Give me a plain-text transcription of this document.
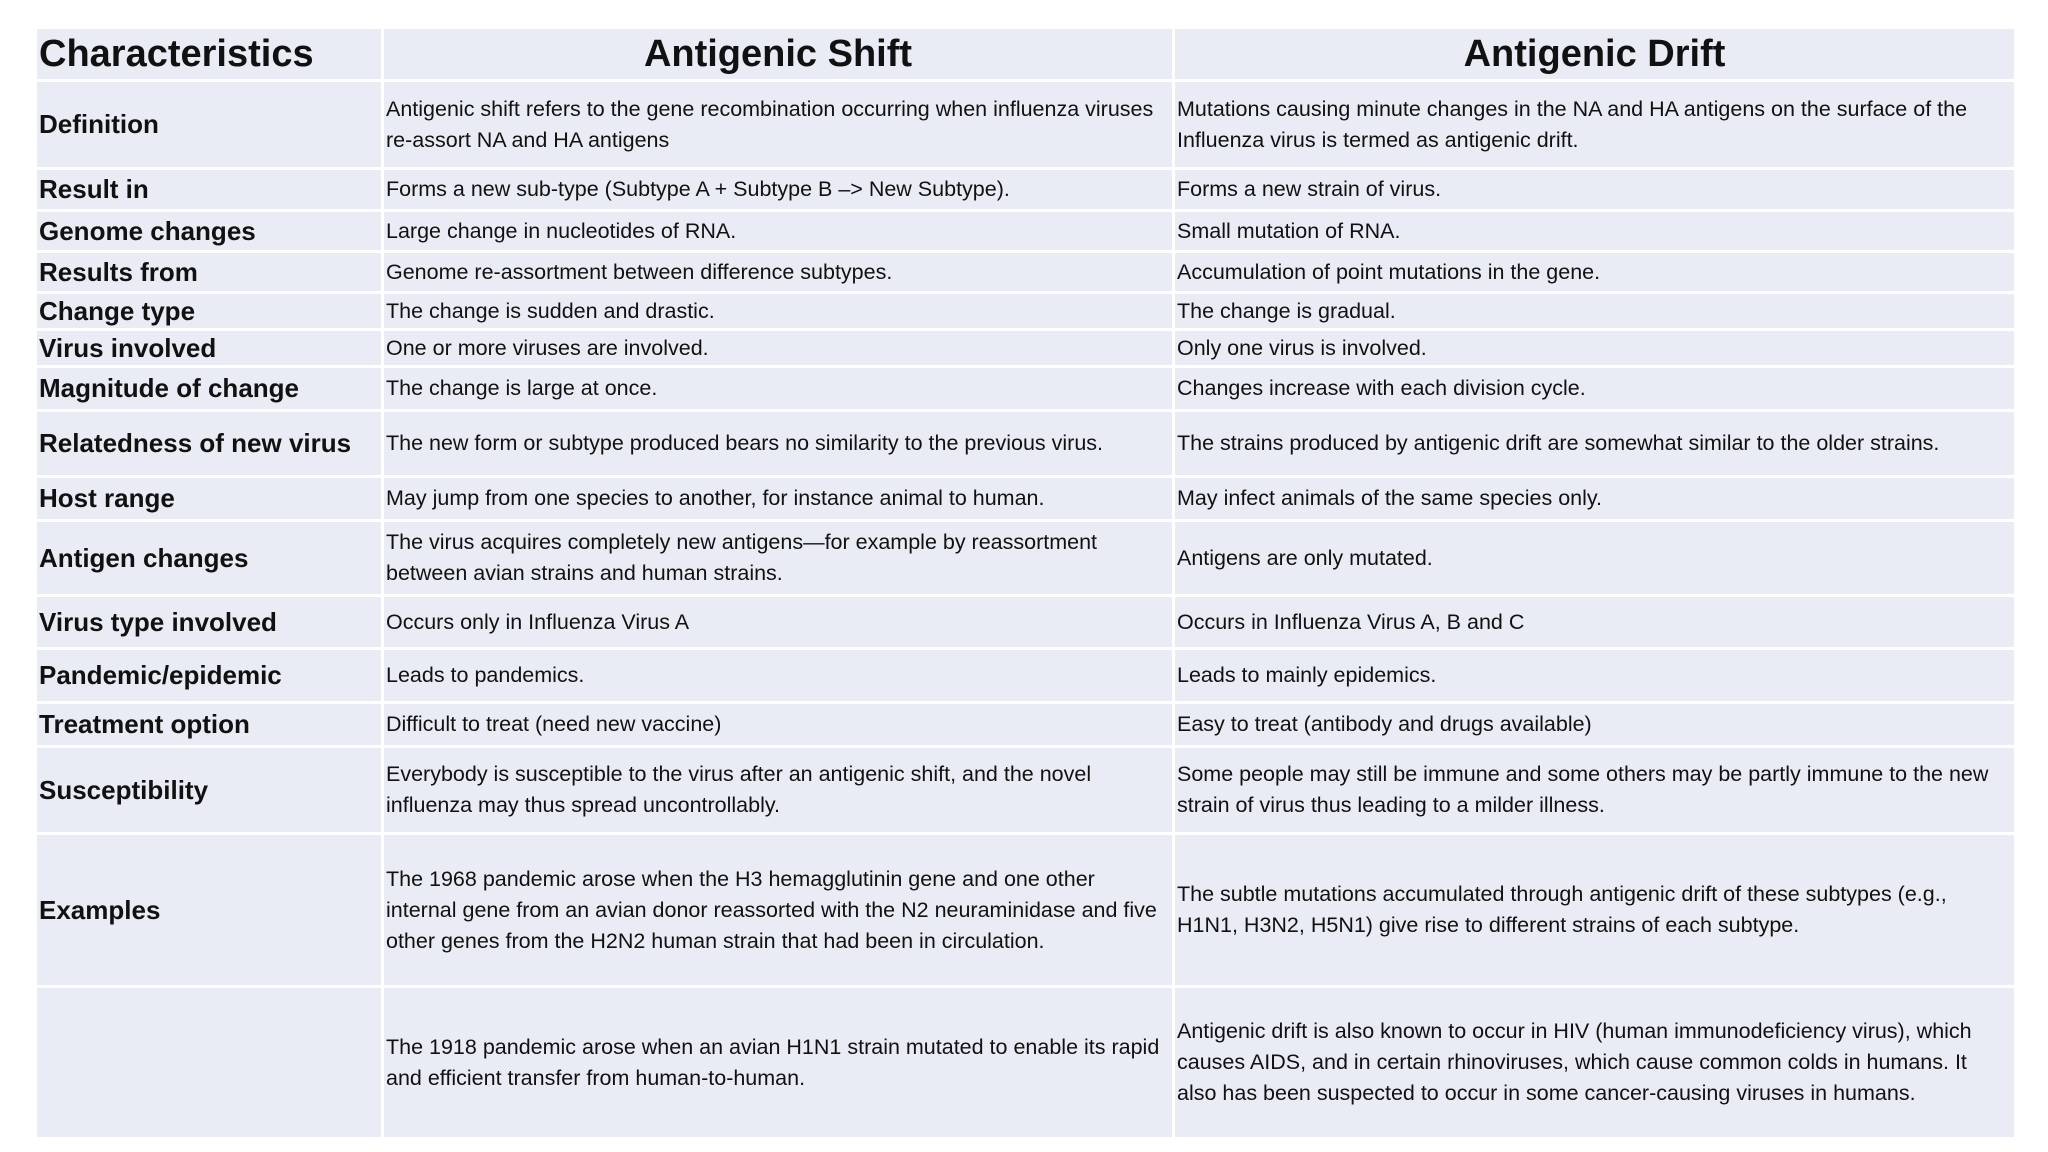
Characteristics	Antigenic Shift	Antigenic Drift
Definition	Antigenic shift refers to the gene recombination occurring when influenza viruses re-assort NA and HA antigens	Mutations causing minute changes in the NA and HA antigens on the surface of the Influenza virus is termed as antigenic drift.
Result in	Forms a new sub-type (Subtype A + Subtype B –> New Subtype).	Forms a new strain of virus.
Genome changes	Large change in nucleotides of RNA.	Small mutation of RNA.
Results from	Genome re-assortment between difference subtypes.	Accumulation of point mutations in the gene.
Change type	The change is sudden and drastic.	The change is gradual.
Virus involved	One or more viruses are involved.	Only one virus is involved.
Magnitude of change	The change is large at once.	Changes increase with each division cycle.
Relatedness of new virus	The new form or subtype produced bears no similarity to the previous virus.	The strains produced by antigenic drift are somewhat similar to the older strains.
Host range	May jump from one species to another, for instance animal to human.	May infect animals of the same species only.
Antigen changes	The virus acquires completely new antigens—for example by reassortment between avian strains and human strains.	Antigens are only mutated.
Virus type involved	Occurs only in Influenza Virus A	Occurs in Influenza Virus A, B and C
Pandemic/epidemic	Leads to pandemics.	Leads to mainly epidemics.
Treatment option	Difficult to treat (need new vaccine)	Easy to treat (antibody and drugs available)
Susceptibility	Everybody is susceptible to the virus after an antigenic shift, and the novel influenza may thus spread uncontrollably.	Some people may still be immune and some others may be partly immune to the new strain of virus thus leading to a milder illness.
Examples	The 1968 pandemic arose when the H3 hemagglutinin gene and one other internal gene from an avian donor reassorted with the N2 neuraminidase and five other genes from the H2N2 human strain that had been in circulation.	The subtle mutations accumulated through antigenic drift of these subtypes (e.g., H1N1, H3N2, H5N1) give rise to different strains of each subtype.
	The 1918 pandemic arose when an avian H1N1 strain mutated to enable its rapid and efficient transfer from human-to-human.	Antigenic drift is also known to occur in HIV (human immunodeficiency virus), which causes AIDS, and in certain rhinoviruses, which cause common colds in humans. It also has been suspected to occur in some cancer-causing viruses in humans.
